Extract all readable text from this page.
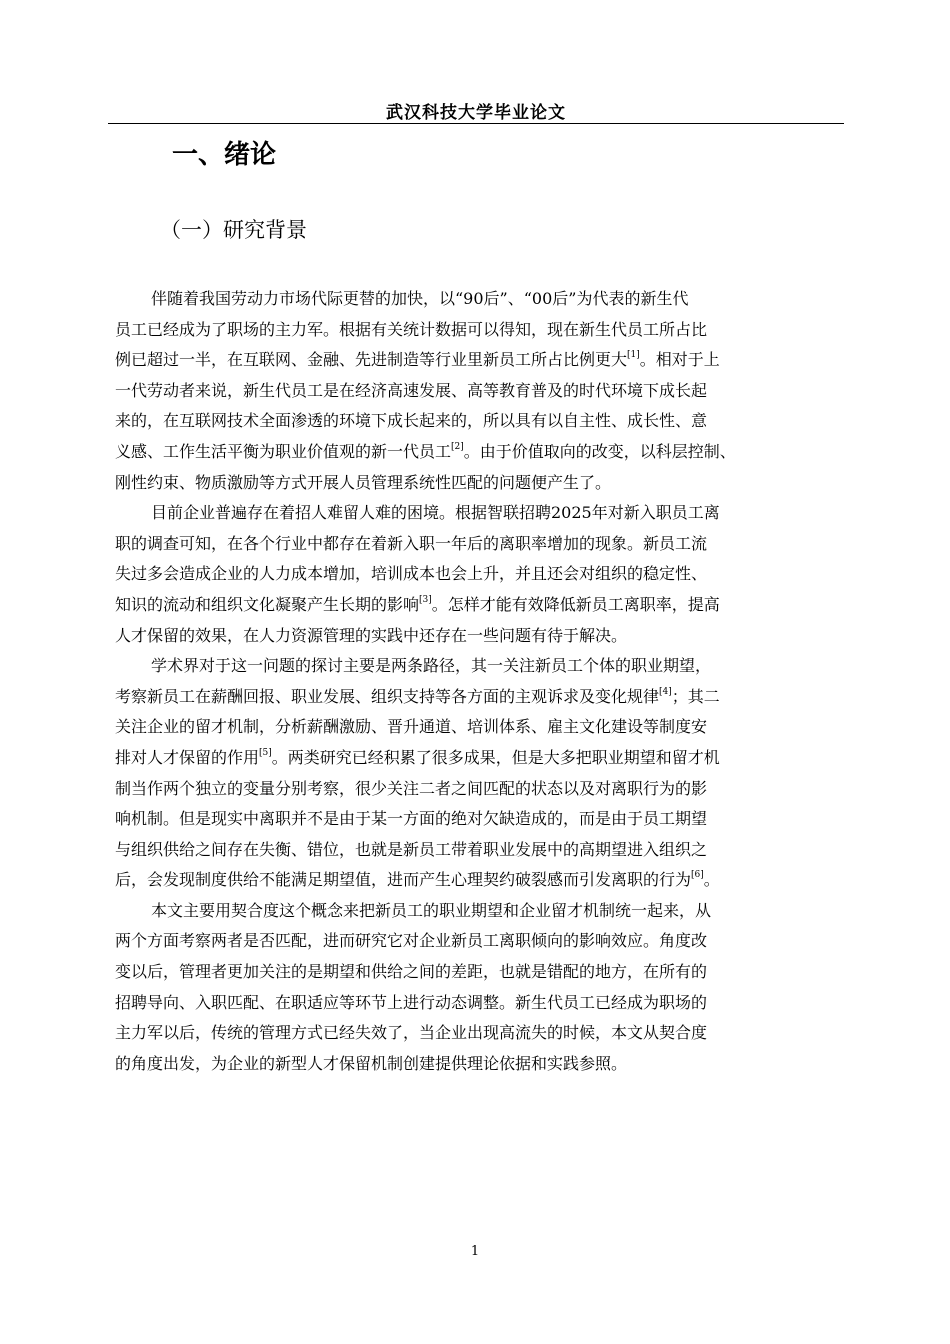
武汉科技大学毕业论文
一、绪论
（一）研究背景
伴随着我国劳动力市场代际更替的加快，以“90后”、“00后”为代表的新生代
员工已经成为了职场的主力军。根据有关统计数据可以得知，现在新生代员工所占比
例已超过一半，在互联网、金融、先进制造等行业里新员工所占比例更大[1]。相对于上
一代劳动者来说，新生代员工是在经济高速发展、高等教育普及的时代环境下成长起
来的，在互联网技术全面渗透的环境下成长起来的，所以具有以自主性、成长性、意
义感、工作生活平衡为职业价值观的新一代员工[2]。由于价值取向的改变，以科层控制、
刚性约束、物质激励等方式开展人员管理系统性匹配的问题便产生了。
目前企业普遍存在着招人难留人难的困境。根据智联招聘2025年对新入职员工离
职的调查可知，在各个行业中都存在着新入职一年后的离职率增加的现象。新员工流
失过多会造成企业的人力成本增加，培训成本也会上升，并且还会对组织的稳定性、
知识的流动和组织文化凝聚产生长期的影响[3]。怎样才能有效降低新员工离职率，提高
人才保留的效果，在人力资源管理的实践中还存在一些问题有待于解决。
学术界对于这一问题的探讨主要是两条路径，其一关注新员工个体的职业期望，
考察新员工在薪酬回报、职业发展、组织支持等各方面的主观诉求及变化规律[4]；其二
关注企业的留才机制，分析薪酬激励、晋升通道、培训体系、雇主文化建设等制度安
排对人才保留的作用[5]。两类研究已经积累了很多成果，但是大多把职业期望和留才机
制当作两个独立的变量分别考察，很少关注二者之间匹配的状态以及对离职行为的影
响机制。但是现实中离职并不是由于某一方面的绝对欠缺造成的，而是由于员工期望
与组织供给之间存在失衡、错位，也就是新员工带着职业发展中的高期望进入组织之
后，会发现制度供给不能满足期望值，进而产生心理契约破裂感而引发离职的行为[6]。
本文主要用契合度这个概念来把新员工的职业期望和企业留才机制统一起来，从
两个方面考察两者是否匹配，进而研究它对企业新员工离职倾向的影响效应。角度改
变以后，管理者更加关注的是期望和供给之间的差距，也就是错配的地方，在所有的
招聘导向、入职匹配、在职适应等环节上进行动态调整。新生代员工已经成为职场的
主力军以后，传统的管理方式已经失效了，当企业出现高流失的时候，本文从契合度
的角度出发，为企业的新型人才保留机制创建提供理论依据和实践参照。
1
